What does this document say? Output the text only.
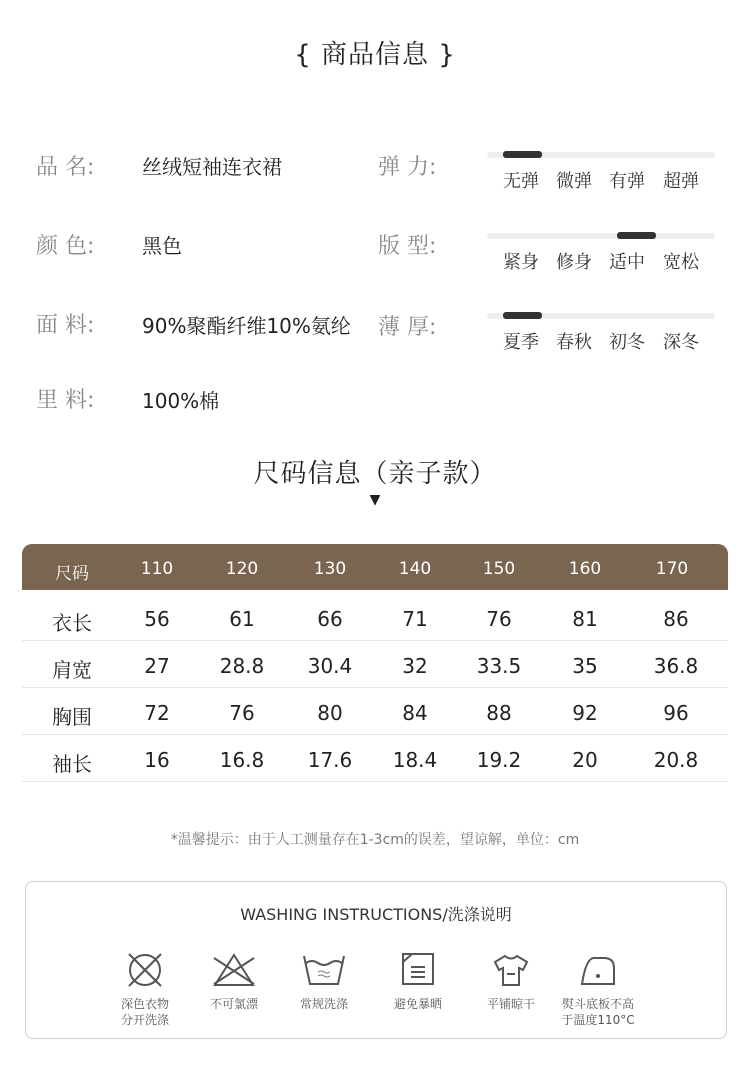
{ 商品信息 }
品 名: 丝绒短袖连衣裙
颜 色: 黑色
面 料: 90%聚酯纤维10%氨纶
里 料: 100%棉
弹 力:
无弹 微弹 有弹 超弹
版 型:
紧身 修身 适中 宽松
薄 厚:
夏季 春秋 初冬 深冬
尺码信息（亲子款）
▼
尺码	110	120	130	140	150	160	170
衣长	56	61	66	71	76	81	86
肩宽	27	28.8	30.4	32	33.5	35	36.8
胸围	72	76	80	84	88	92	96
袖长	16	16.8	17.6	18.4	19.2	20	20.8
*温馨提示：由于人工测量存在1-3cm的误差，望谅解，单位：cm
WASHING INSTRUCTIONS/洗涤说明
深色衣物
分开洗涤
不可氯漂	常规洗涤	避免暴晒	平铺晾干	熨斗底板不高
于温度110°C
